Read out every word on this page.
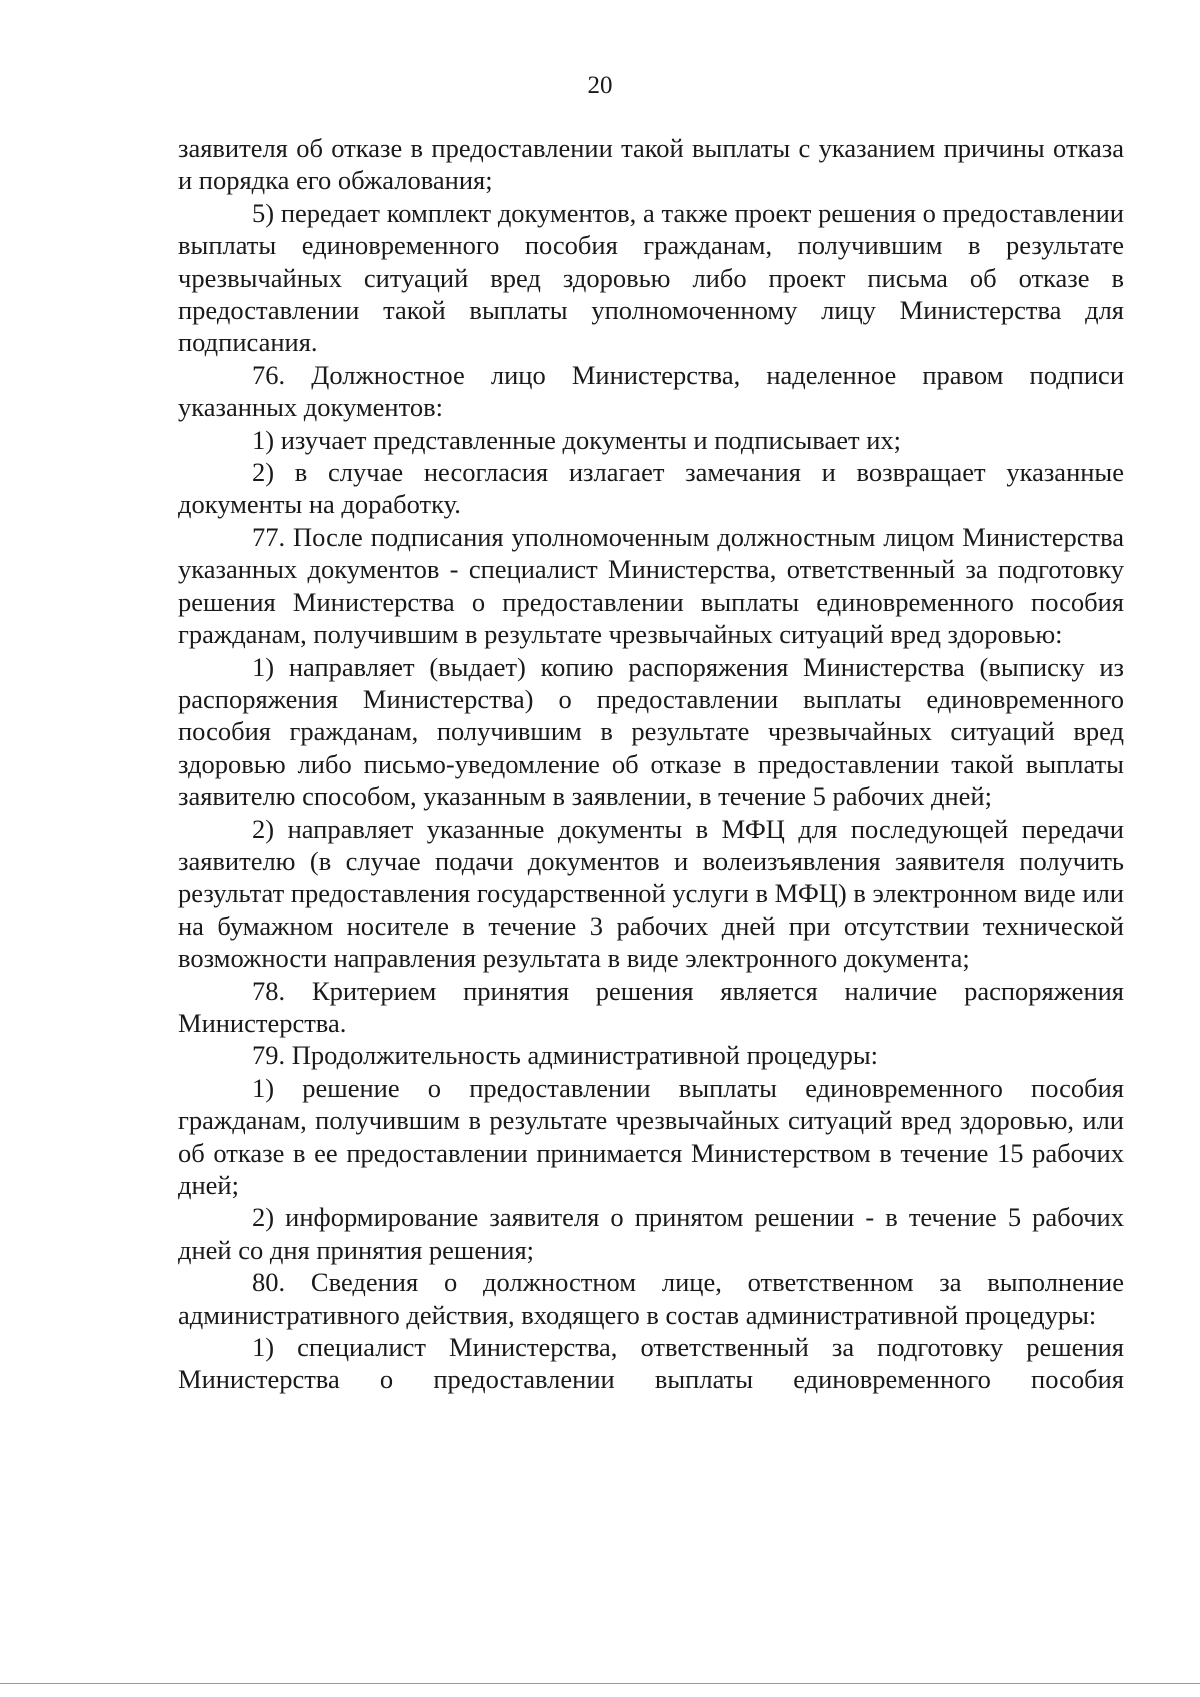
20

заявителя об отказе в предоставлении такой выплаты с указанием причины отказа и порядка его обжалования;

5) передает комплект документов, а также проект решения о предоставлении выплаты единовременного пособия гражданам, получившим в результате чрезвычайных ситуаций вред здоровью либо проект письма об отказе в предоставлении такой выплаты уполномоченному лицу Министерства для подписания.

76. Должностное лицо Министерства, наделенное правом подписи указанных документов:

1) изучает представленные документы и подписывает их;

2) в случае несогласия излагает замечания и возвращает указанные документы на доработку.

77. После подписания уполномоченным должностным лицом Министерства указанных документов - специалист Министерства, ответственный за подготовку решения Министерства о предоставлении выплаты единовременного пособия гражданам, получившим в результате чрезвычайных ситуаций вред здоровью:

1) направляет (выдает) копию распоряжения Министерства (выписку из распоряжения Министерства) о предоставлении выплаты единовременного пособия гражданам, получившим в результате чрезвычайных ситуаций вред здоровью либо письмо-уведомление об отказе в предоставлении такой выплаты заявителю способом, указанным в заявлении, в течение 5 рабочих дней;

2) направляет указанные документы в МФЦ для последующей передачи заявителю (в случае подачи документов и волеизъявления заявителя получить результат предоставления государственной услуги в МФЦ) в электронном виде или на бумажном носителе в течение 3 рабочих дней при отсутствии технической возможности направления результата в виде электронного документа;

78. Критерием принятия решения является наличие распоряжения Министерства.

79. Продолжительность административной процедуры:

1) решение о предоставлении выплаты единовременного пособия гражданам, получившим в результате чрезвычайных ситуаций вред здоровью, или об отказе в ее предоставлении принимается Министерством в течение 15 рабочих дней;

2) информирование заявителя о принятом решении - в течение 5 рабочих дней со дня принятия решения;

80. Сведения о должностном лице, ответственном за выполнение административного действия, входящего в состав административной процедуры:

1) специалист Министерства, ответственный за подготовку решения Министерства о предоставлении выплаты единовременного пособия
